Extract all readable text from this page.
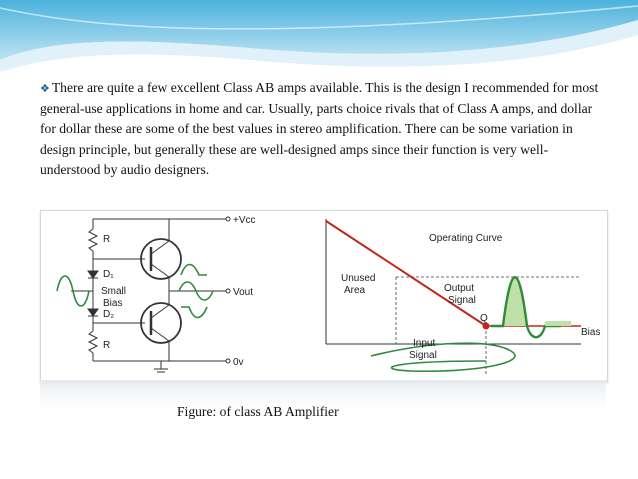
❖ There are quite a few excellent Class AB amps available. This is the design I recommended for most general-use applications in home and car. Usually, parts choice rivals that of Class A amps, and dollar for dollar these are some of the best values in stereo amplification. There can be some variation in design principle, but generally these are well-designed amps since their function is very well-understood by audio designers.

+Vcc
R
D₁
Small
Bias
D₂
R
Vout
0v
Operating Curve
Unused
Area	Output
Signal
Q
Bias
Input
Signal
Figure: of class AB Amplifier
